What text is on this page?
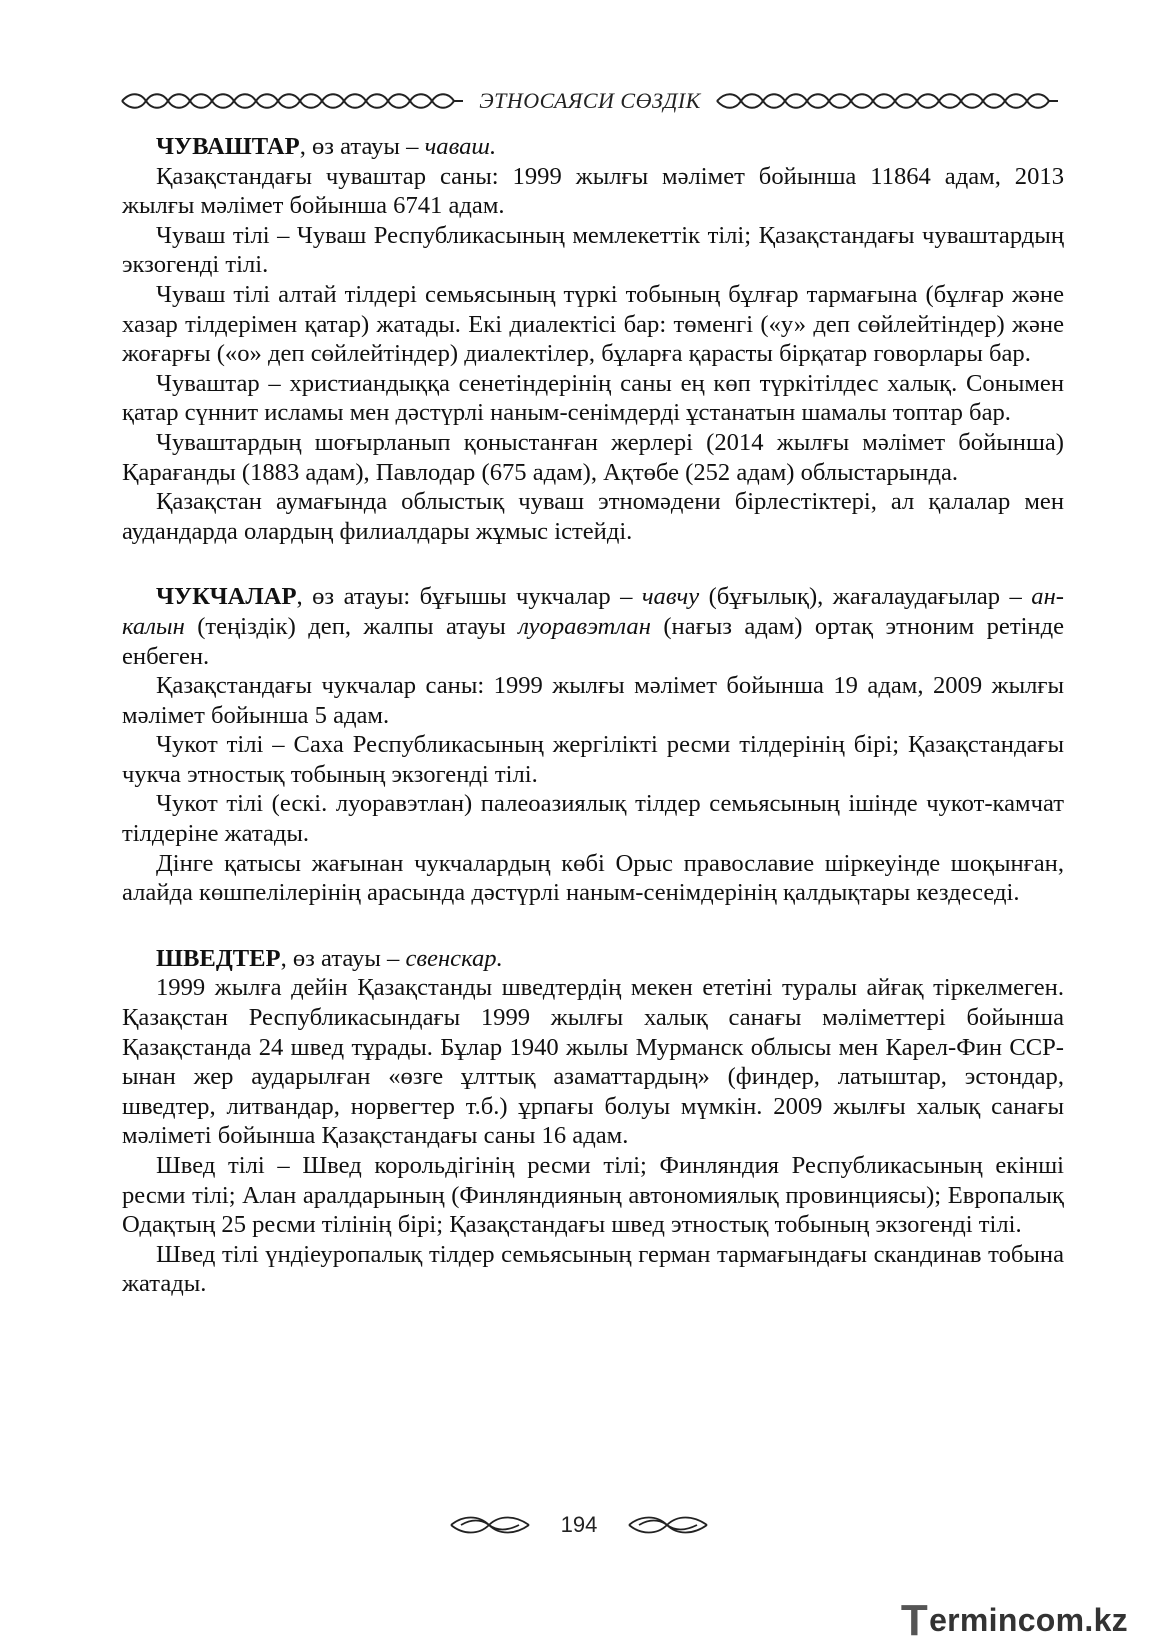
ЭТНОСАЯСИ СӨЗДІК

ЧУВАШТАР, өз атауы – чаваш.

Қазақстандағы чуваштар саны: 1999 жылғы мәлімет бойынша 11864 адам, 2013 жылғы мәлімет бойынша 6741 адам.

Чуваш тілі – Чуваш Республикасының мемлекеттік тілі; Қазақстандағы чуваштардың экзогенді тілі.

Чуваш тілі алтай тілдері семьясының түркі тобының бұлғар тармағына (бұлғар және хазар тілдерімен қатар) жатады. Екі диалектісі бар: төменгі («у» деп сөйлейтіндер) және жоғарғы («о» деп сөйлейтіндер) диалектілер, бұларға қарасты бірқатар говорлары бар.

Чуваштар – христиандыққа сенетіндерінің саны ең көп түркітілдес халық. Сонымен қатар сүннит исламы мен дәстүрлі наным-сенімдерді ұстанатын шамалы топтар бар.

Чуваштардың шоғырланып қоныстанған жерлері (2014 жылғы мәлімет бойынша) Қарағанды (1883 адам), Павлодар (675 адам), Ақтөбе (252 адам) облыстарында.

Қазақстан аумағында облыстық чуваш этномәдени бірлестіктері, ал қалалар мен аудандарда олардың филиалдары жұмыс істейді.

ЧУКЧАЛАР, өз атауы: бұғышы чукчалар – чавчу (бұғылық), жағалаудағылар – ан-калын (теңіздік) деп, жалпы атауы луоравэтлан (нағыз адам) ортақ этноним ретінде енбеген.

Қазақстандағы чукчалар саны: 1999 жылғы мәлімет бойынша 19 адам, 2009 жылғы мәлімет бойынша 5 адам.

Чукот тілі – Саха Республикасының жергілікті ресми тілдерінің бірі; Қазақстандағы чукча этностық тобының экзогенді тілі.

Чукот тілі (ескі. луоравэтлан) палеоазиялық тілдер семьясының ішінде чукот-камчат тілдеріне жатады.

Дінге қатысы жағынан чукчалардың көбі Орыс православие шіркеуінде шоқынған, алайда көшпелілерінің арасында дәстүрлі наным-сенімдерінің қалдықтары кездеседі.

ШВЕДТЕР, өз атауы – свенскар.

1999 жылға дейін Қазақстанды шведтердің мекен ететіні туралы айғақ тіркелмеген. Қазақстан Республикасындағы 1999 жылғы халық санағы мәліметтері бойынша Қазақстанда 24 швед тұрады. Бұлар 1940 жылы Мурманск облысы мен Карел-Фин ССР-ынан жер аударылған «өзге ұлттық азаматтардың» (финдер, латыштар, эстондар, шведтер, литвандар, норвегтер т.б.) ұрпағы болуы мүмкін. 2009 жылғы халық санағы мәліметі бойынша Қазақстандағы саны 16 адам.

Швед тілі – Швед корольдігінің ресми тілі; Финляндия Республикасының екінші ресми тілі; Алан аралдарының (Финляндияның автономиялық провинциясы); Европалық Одақтың 25 ресми тілінің бірі; Қазақстандағы швед этностық тобының экзогенді тілі.

Швед тілі үндіеуропалық тілдер семьясының герман тармағындағы скандинав тобына жатады.

194
Termincom.kz
